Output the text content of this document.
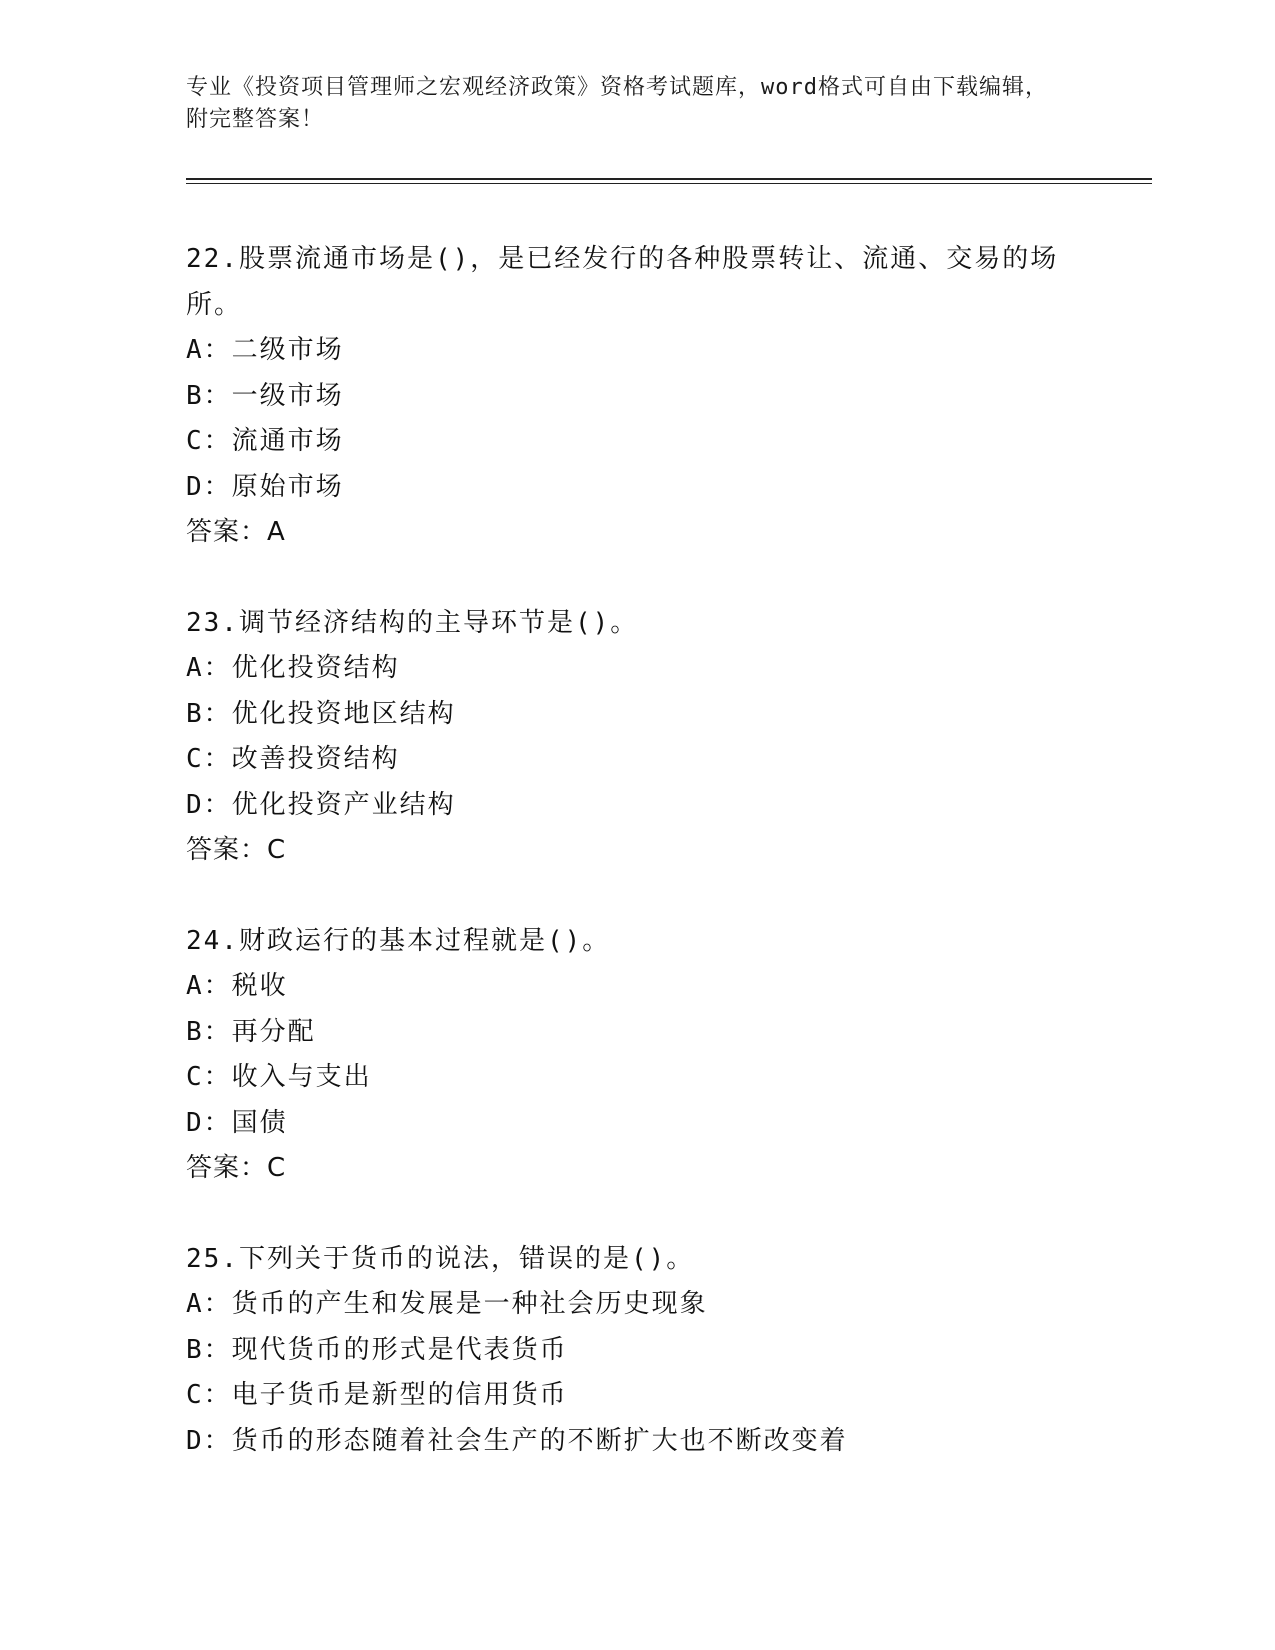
专业《投资项目管理师之宏观经济政策》资格考试题库，word格式可自由下载编辑，附完整答案！

22.股票流通市场是()，是已经发行的各种股票转让、流通、交易的场所。

A：二级市场

B：一级市场

C：流通市场

D：原始市场

答案：A

23.调节经济结构的主导环节是()。

A：优化投资结构

B：优化投资地区结构

C：改善投资结构

D：优化投资产业结构

答案：C

24.财政运行的基本过程就是()。

A：税收

B：再分配

C：收入与支出

D：国债

答案：C

25.下列关于货币的说法，错误的是()。

A：货币的产生和发展是一种社会历史现象

B：现代货币的形式是代表货币

C：电子货币是新型的信用货币

D：货币的形态随着社会生产的不断扩大也不断改变着
